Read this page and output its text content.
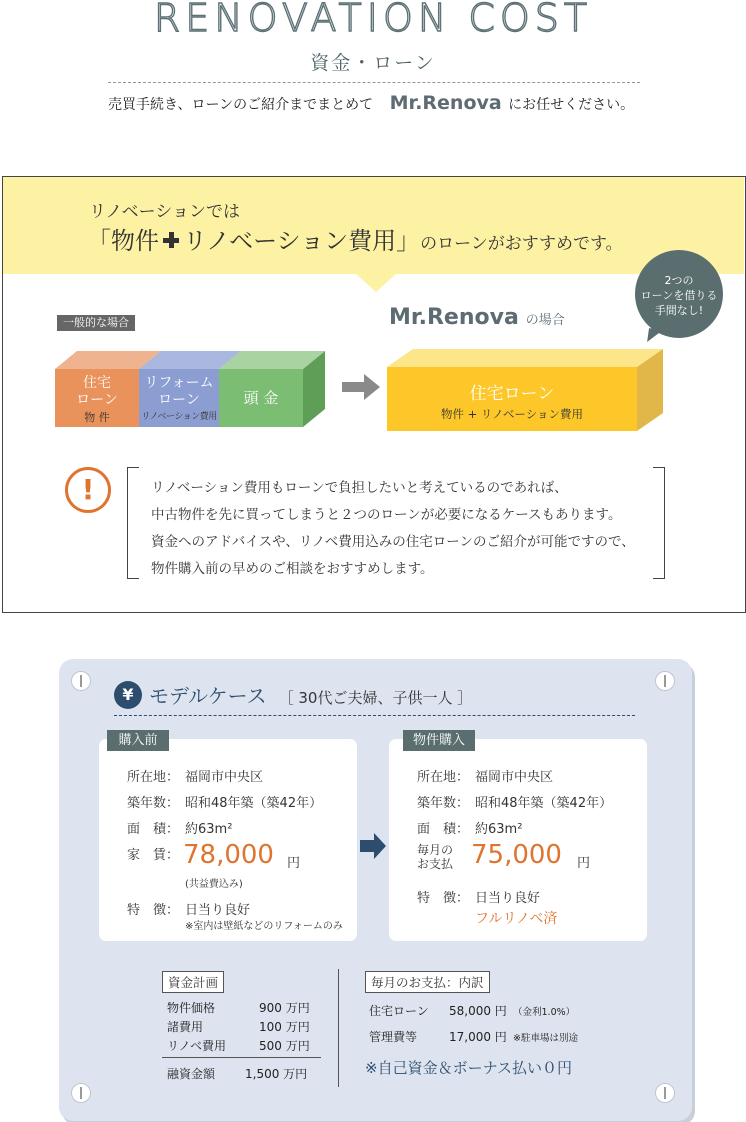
RENOVATION COST
資金・ローン
売買手続き、ローンのご紹介までまとめて Mr.Renova にお任せください。
リノベーションでは
「物件 リノベーション費用」のローンがおすすめです。
2つの
ローンを借りる
手間なし!
一般的な場合	Mr.Renova の場合
住宅
ローン
物 件
リフォーム
ローン
リノベーション費用
頭 金	住宅ローン
物件 + リノベーション費用
!	リノベーション費用もローンで負担したいと考えているのであれば、
中古物件を先に買ってしまうと２つのローンが必要になるケースもあります。
資金へのアドバイスや、リノベ費用込みの住宅ローンのご紹介が可能ですので、
物件購入前の早めのご相談をおすすめします。
¥ モデルケース ［ 30代ご夫婦、子供一人 ］
購入前
所在地： 福岡市中央区
築年数： 昭和48年築（築42年）
面　積： 約63m²
家　賃： 78,000 円
(共益費込み)
特　徴： 日当り良好
※室内は壁紙などのリフォームのみ
物件購入
所在地： 福岡市中央区
築年数： 昭和48年築（築42年）
面　積： 約63m²
毎月の
お支払 75,000 円
特　徴： 日当り良好
フルリノベ済
資金計画
物件価格	900 万円
諸費用	100 万円
リノベ費用	500 万円
融資金額 1,500 万円
毎月のお支払：内訳
住宅ローン 58,000 円 （金利1.0%）
管理費等	17,000 円 ※駐車場は別途
※自己資金＆ボーナス払い０円
